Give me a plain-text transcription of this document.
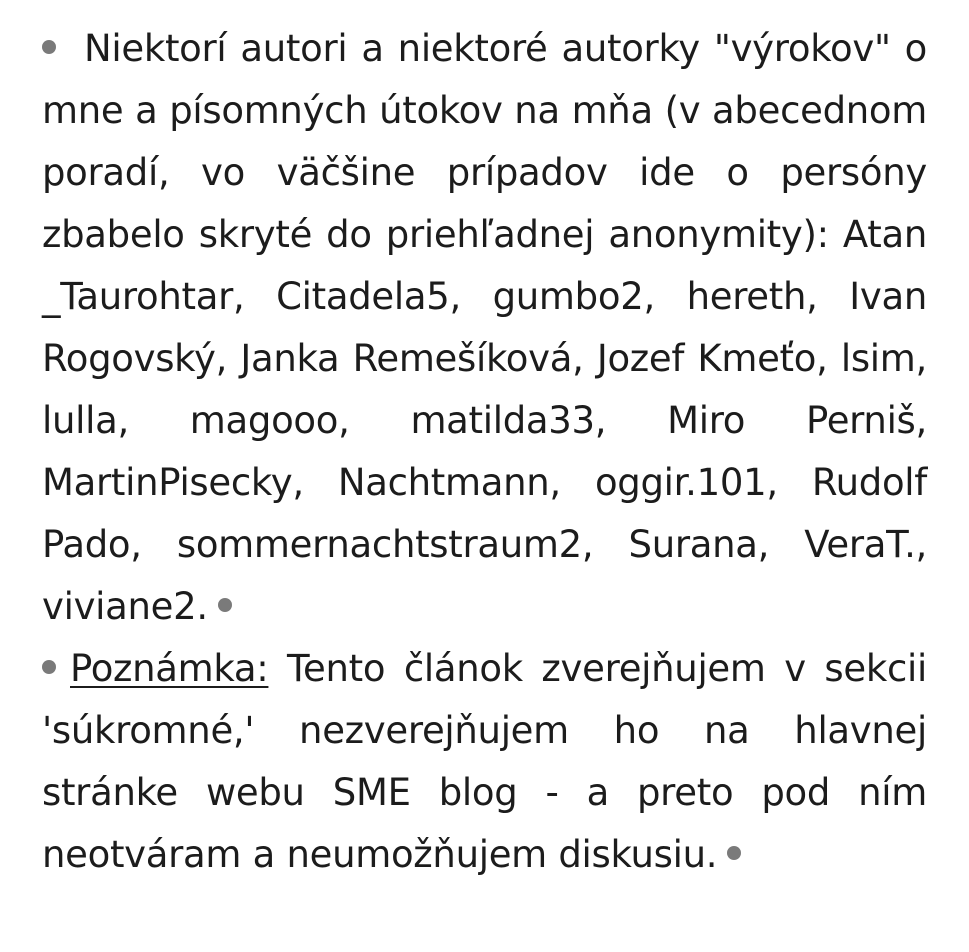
Niektorí autori a niektoré autorky "výrokov" o mne a písomných útokov na mňa (v abecednom poradí, vo väčšine prípadov ide o persóny zbabelo skryté do priehľadnej anonymity): Atan _Taurohtar, Citadela5, gumbo2, hereth, Ivan Rogovský, Janka Remešíková, Jozef Kmeťo, lsim, lulla, magooo, matilda33, Miro Perniš, MartinPisecky, Nachtmann, oggir.101, Rudolf Pado, sommernachtstraum2, Surana, VeraT., viviane2.

Poznámka: Tento článok zverejňujem v sekcii 'súkromné,' nezverejňujem ho na hlavnej stránke webu SME blog - a preto pod ním neotváram a neumožňujem diskusiu.
